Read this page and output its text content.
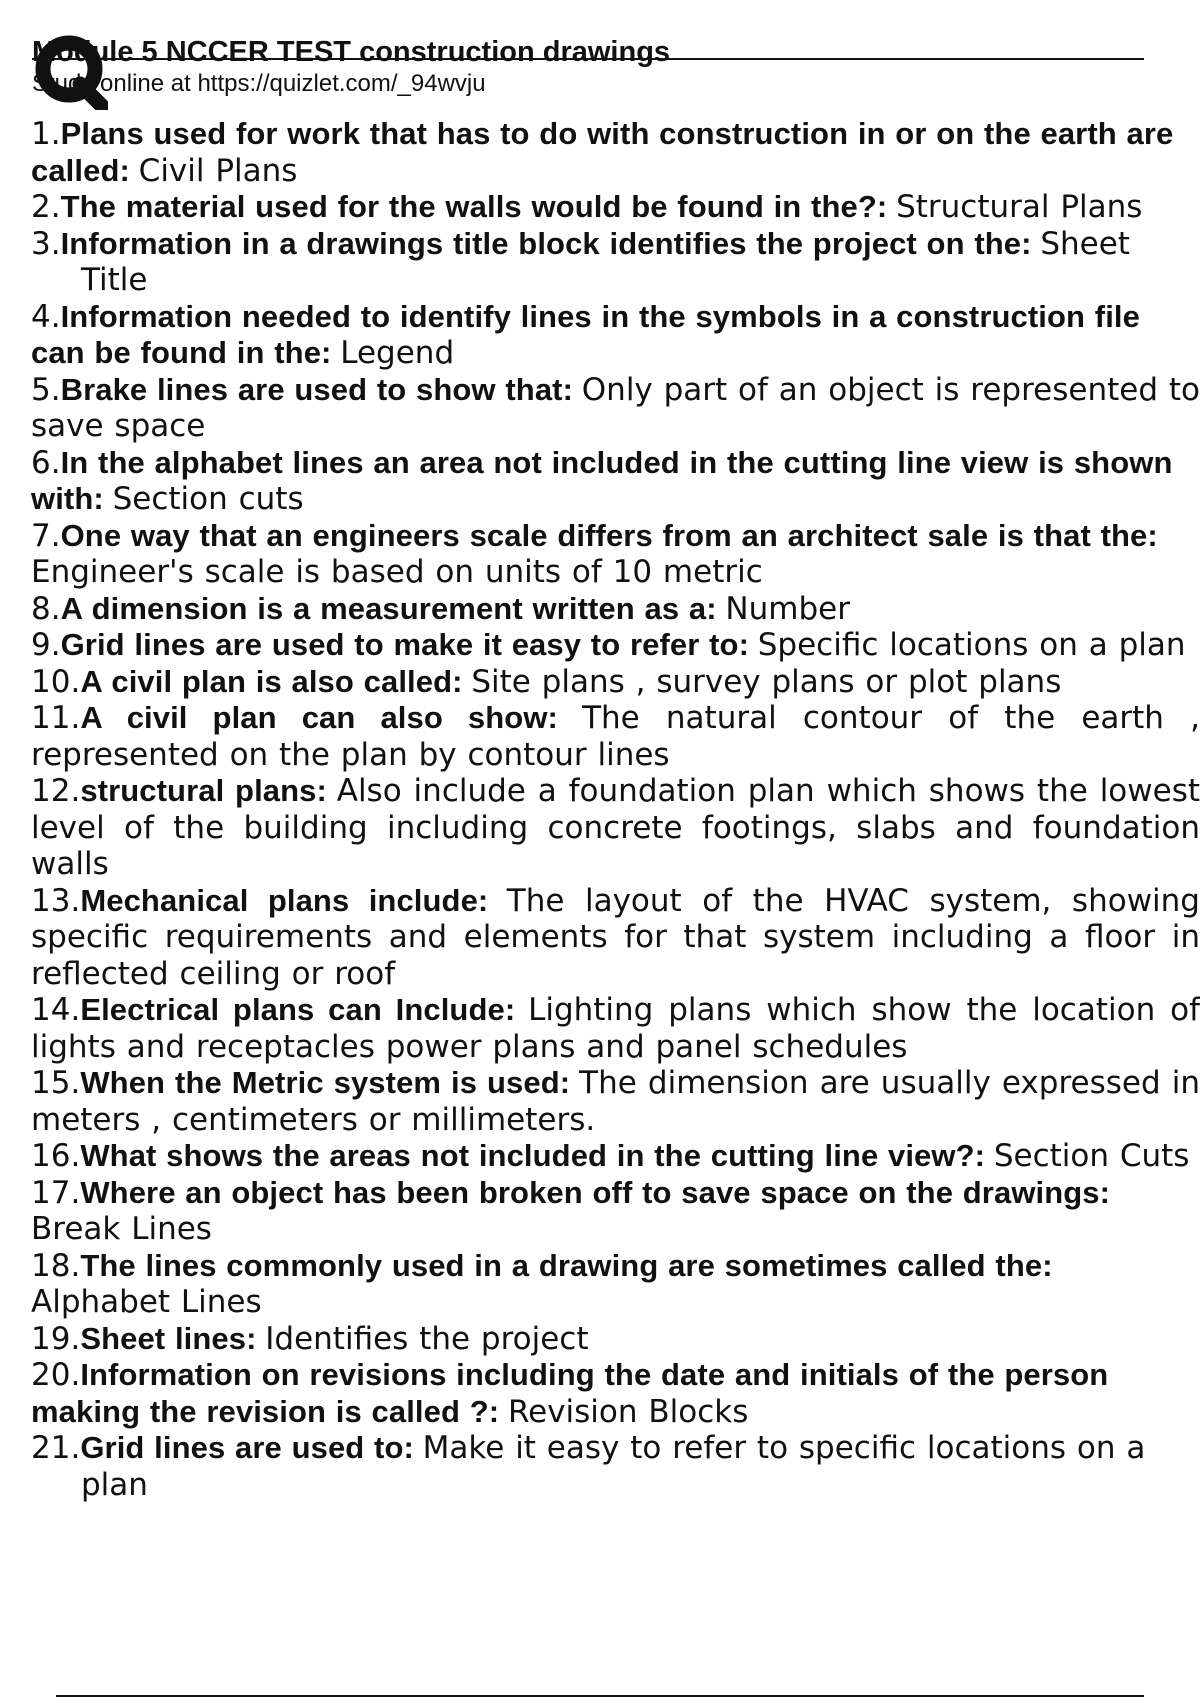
Module 5 NCCER TEST construction drawings
Study online at https://quizlet.com/_94wvju
1.Plans used for work that has to do with construction in or on the earth are called: Civil Plans
2.The material used for the walls would be found in the?: Structural Plans
3.Information in a drawings title block identifies the project on the: Sheet Title
4.Information needed to identify lines in the symbols in a construction file can be found in the: Legend
5.Brake lines are used to show that: Only part of an object is represented to save space
6.In the alphabet lines an area not included in the cutting line view is shown with: Section cuts
7.One way that an engineers scale differs from an architect sale is that the: Engineer's scale is based on units of 10 metric
8.A dimension is a measurement written as a: Number
9.Grid lines are used to make it easy to refer to: Specific locations on a plan
10.A civil plan is also called: Site plans , survey plans or plot plans
11.A civil plan can also show: The natural contour of the earth , represented on the plan by contour lines
12.structural plans: Also include a foundation plan which shows the lowest level of the building including concrete footings, slabs and foundation walls
13.Mechanical plans include: The layout of the HVAC system, showing specific requirements and elements for that system including a floor in reflected ceiling or roof
14.Electrical plans can Include: Lighting plans which show the location of lights and receptacles power plans and panel schedules
15.When the Metric system is used: The dimension are usually expressed in meters , centimeters or millimeters.
16.What shows the areas not included in the cutting line view?: Section Cuts
17.Where an object has been broken off to save space on the drawings: Break Lines
18.The lines commonly used in a drawing are sometimes called the: Alphabet Lines
19.Sheet lines: Identifies the project
20.Information on revisions including the date and initials of the person making the revision is called ?: Revision Blocks
21.Grid lines are used to: Make it easy to refer to specific locations on a plan
